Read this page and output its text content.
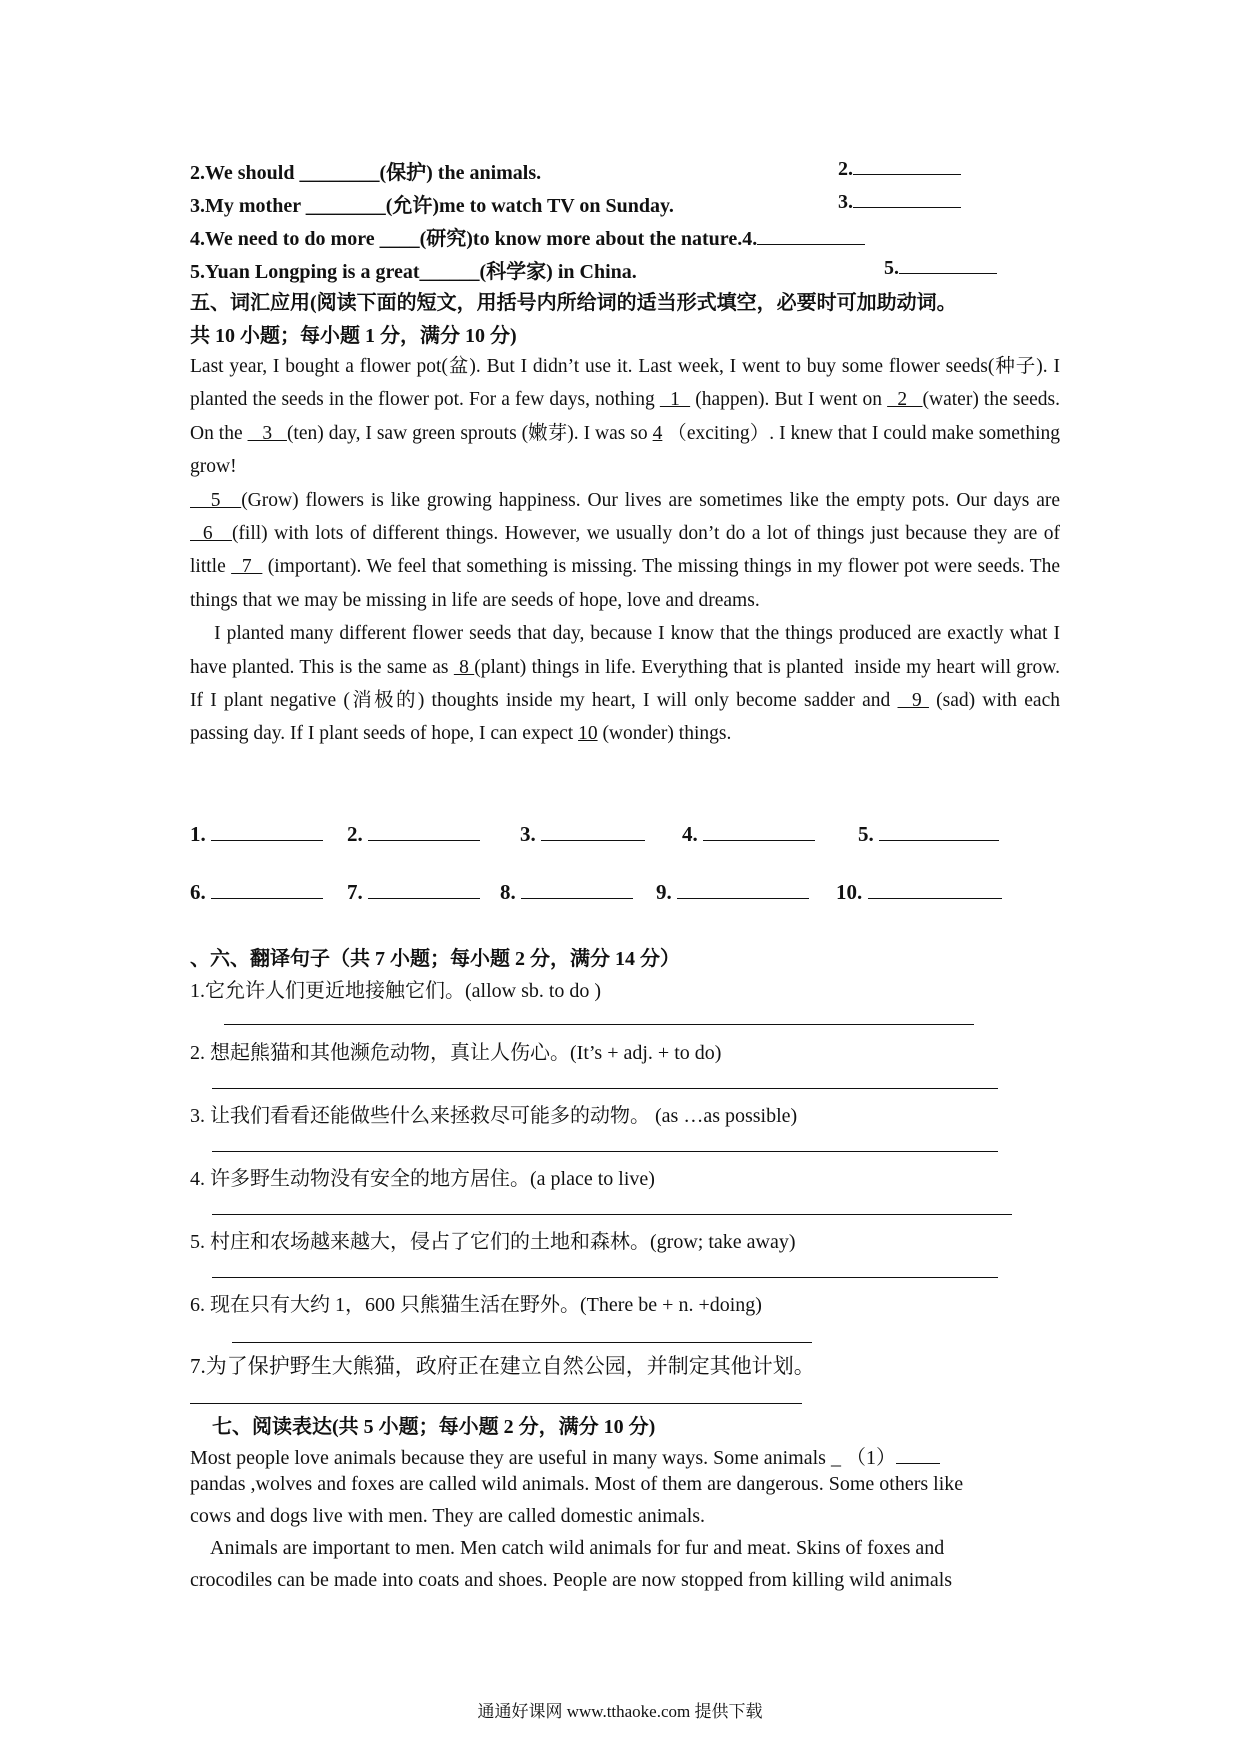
2.We should ________(保护) the animals.	2.
3.My mother ________(允许)me to watch TV on Sunday.	3.
4.We need to do more ____(研究)to know more about the nature.4.
5.Yuan Longping is a great______(科学家) in China.	5.
五、词汇应用(阅读下面的短文，用括号内所给词的适当形式填空，必要时可加助动词。
共 10 小题；每小题 1 分，满分 10 分)

Last year, I bought a flower pot(盆). But I didn’t use it. Last week, I went to buy some flower seeds(种子). I planted the seeds in the flower pot. For a few days, nothing   1   (happen). But I went on   2   (water) the seeds. On the    3   (ten) day, I saw green sprouts (嫩芽). I was so 4 （exciting）. I knew that I could make something grow!

5   (Grow) flowers is like growing happiness. Our lives are sometimes like the empty pots. Our days are   6   (fill) with lots of different things. However, we usually don’t do a lot of things just because they are of little   7   (important). We feel that something is missing. The missing things in my flower pot were seeds. The things that we may be missing in life are seeds of hope, love and dreams.

I planted many different flower seeds that day, because I know that the things produced are exactly what I have planted. This is the same as  8 (plant) things in life. Everything that is planted  inside my heart will grow. If I plant negative (消极的) thoughts inside my heart, I will only become sadder and   9  (sad) with each passing day. If I plant seeds of hope, I can expect 10 (wonder) things.

1.	2.	3.	4.	5.
6.	7.	8.	9.	10.
、六、翻译句子（共 7 小题；每小题 2 分，满分 14 分）
1.它允许人们更近地接触它们。(allow sb. to do )
2. 想起熊猫和其他濒危动物，真让人伤心。(It’s + adj. + to do)
3. 让我们看看还能做些什么来拯救尽可能多的动物。 (as …as possible)
4. 许多野生动物没有安全的地方居住。(a place to live)
5. 村庄和农场越来越大，侵占了它们的土地和森林。(grow; take away)
6. 现在只有大约 1，600 只熊猫生活在野外。(There be + n. +doing)
7.为了保护野生大熊猫，政府正在建立自然公园，并制定其他计划。
七、阅读表达(共 5 小题；每小题 2 分，满分 10 分)
Most people love animals because they are useful in many ways. Some animals _ （1）
pandas ,wolves and foxes are called wild animals. Most of them are dangerous. Some others like
cows and dogs live with men. They are called domestic animals.
Animals are important to men. Men catch wild animals for fur and meat. Skins of foxes and
crocodiles can be made into coats and shoes. People are now stopped from killing wild animals
通通好课网 www.tthaoke.com 提供下载
